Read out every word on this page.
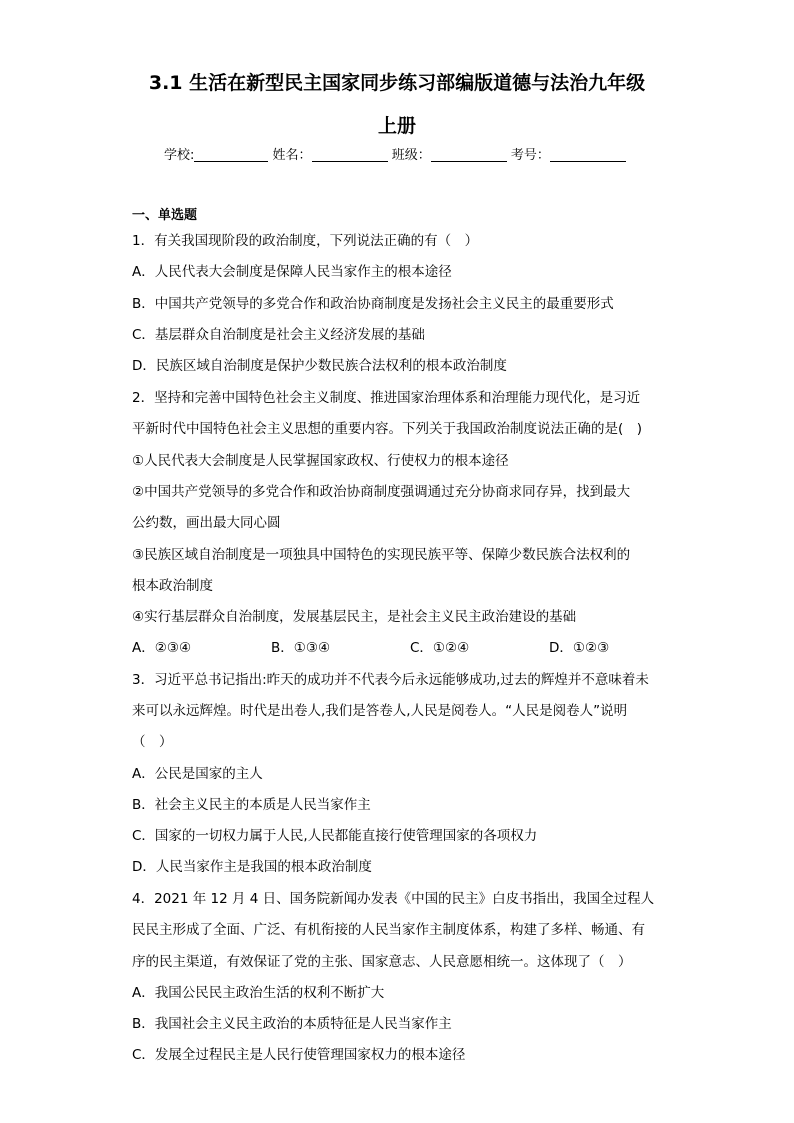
3.1 生活在新型民主国家同步练习部编版道德与法治九年级
上册
学校:	姓名：	班级：	考号：
一、单选题
1．有关我国现阶段的政治制度，下列说法正确的有（　）
A．人民代表大会制度是保障人民当家作主的根本途径
B．中国共产党领导的多党合作和政治协商制度是发扬社会主义民主的最重要形式
C．基层群众自治制度是社会主义经济发展的基础
D．民族区域自治制度是保护少数民族合法权利的根本政治制度
2．坚持和完善中国特色社会主义制度、推进国家治理体系和治理能力现代化，是习近
平新时代中国特色社会主义思想的重要内容。下列关于我国政治制度说法正确的是(　)
①人民代表大会制度是人民掌握国家政权、行使权力的根本途径
②中国共产党领导的多党合作和政治协商制度强调通过充分协商求同存异，找到最大
公约数，画出最大同心圆
③民族区域自治制度是一项独具中国特色的实现民族平等、保障少数民族合法权利的
根本政治制度
④实行基层群众自治制度，发展基层民主，是社会主义民主政治建设的基础
A．②③④	B．①③④	C．①②④	D．①②③
3．习近平总书记指出:昨天的成功并不代表今后永远能够成功,过去的辉煌并不意味着未
来可以永远辉煌。时代是出卷人,我们是答卷人,人民是阅卷人。“人民是阅卷人”说明
（　）
A．公民是国家的主人
B．社会主义民主的本质是人民当家作主
C．国家的一切权力属于人民,人民都能直接行使管理国家的各项权力
D．人民当家作主是我国的根本政治制度
4．2021 年 12 月 4 日、国务院新闻办发表《中国的民主》白皮书指出，我国全过程人
民民主形成了全面、广泛、有机衔接的人民当家作主制度体系，构建了多样、畅通、有
序的民主渠道，有效保证了党的主张、国家意志、人民意愿相统一。这体现了（　）
A．我国公民民主政治生活的权利不断扩大
B．我国社会主义民主政治的本质特征是人民当家作主
C．发展全过程民主是人民行使管理国家权力的根本途径
